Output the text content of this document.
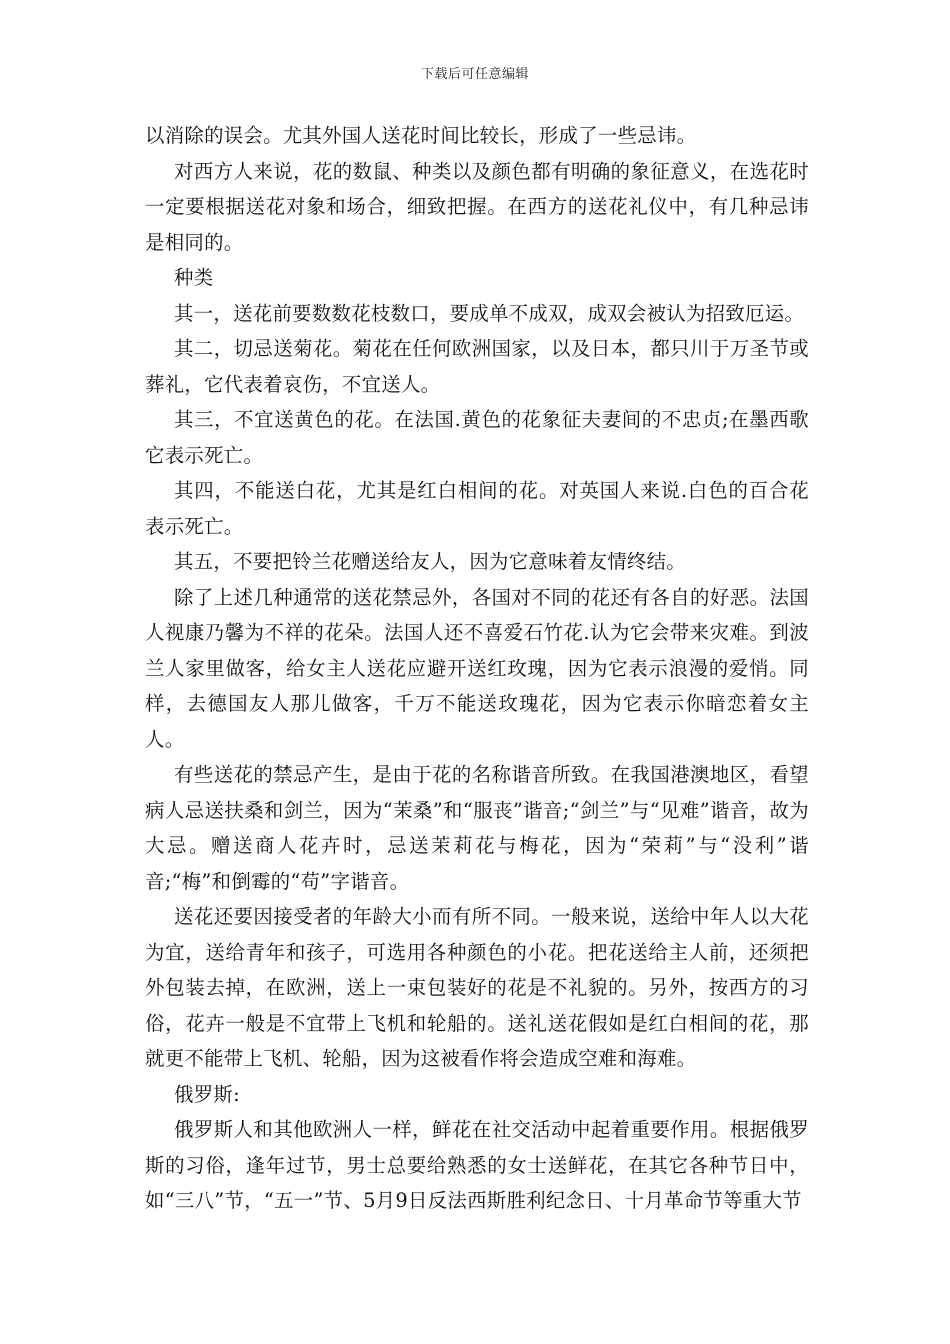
下载后可任意编辑

以消除的误会。尤其外国人送花时间比较长，形成了一些忌讳。

对西方人来说，花的数鼠、种类以及颜色都有明确的象征意义，在选花时一定要根据送花对象和场合，细致把握。在西方的送花礼仪中，有几种忌讳是相同的。

种类

其一，送花前要数数花枝数口，要成单不成双，成双会被认为招致厄运。

其二，切忌送菊花。菊花在任何欧洲国家，以及日本，都只川于万圣节或葬礼，它代表着哀伤，不宜送人。

其三，不宜送黄色的花。在法国.黄色的花象征夫妻间的不忠贞;在墨西歌它表示死亡。

其四，不能送白花，尤其是红白相间的花。对英国人来说.白色的百合花表示死亡。

其五，不要把铃兰花赠送给友人，因为它意味着友情终结。

除了上述几种通常的送花禁忌外，各国对不同的花还有各自的好恶。法国人视康乃馨为不祥的花朵。法国人还不喜爱石竹花.认为它会带来灾难。到波兰人家里做客，给女主人送花应避开送红玫瑰，因为它表示浪漫的爱悄。同样，去德国友人那儿做客，千万不能送玫瑰花，因为它表示你暗恋着女主人。

有些送花的禁忌产生，是由于花的名称谐音所致。在我国港澳地区，看望病人忌送扶桑和剑兰，因为“茉桑”和“服丧”谐音;“剑兰”与“见难”谐音，故为大忌。赠送商人花卉时，忌送茉莉花与梅花，因为“荣莉”与“没利”谐音;“梅”和倒霉的“苟”字谐音。

送花还要因接受者的年龄大小而有所不同。一般来说，送给中年人以大花为宜，送给青年和孩子，可选用各种颜色的小花。把花送给主人前，还须把外包装去掉，在欧洲，送上一束包装好的花是不礼貌的。另外，按西方的习俗，花卉一般是不宜带上飞机和轮船的。送礼送花假如是红白相间的花，那就更不能带上飞机、轮船，因为这被看作将会造成空难和海难。

俄罗斯:

俄罗斯人和其他欧洲人一样，鲜花在社交活动中起着重要作用。根据俄罗斯的习俗，逢年过节，男士总要给熟悉的女士送鲜花，在其它各种节日中，如“三八”节，“五一”节、5月9日反法西斯胜利纪念日、十月革命节等重大节
